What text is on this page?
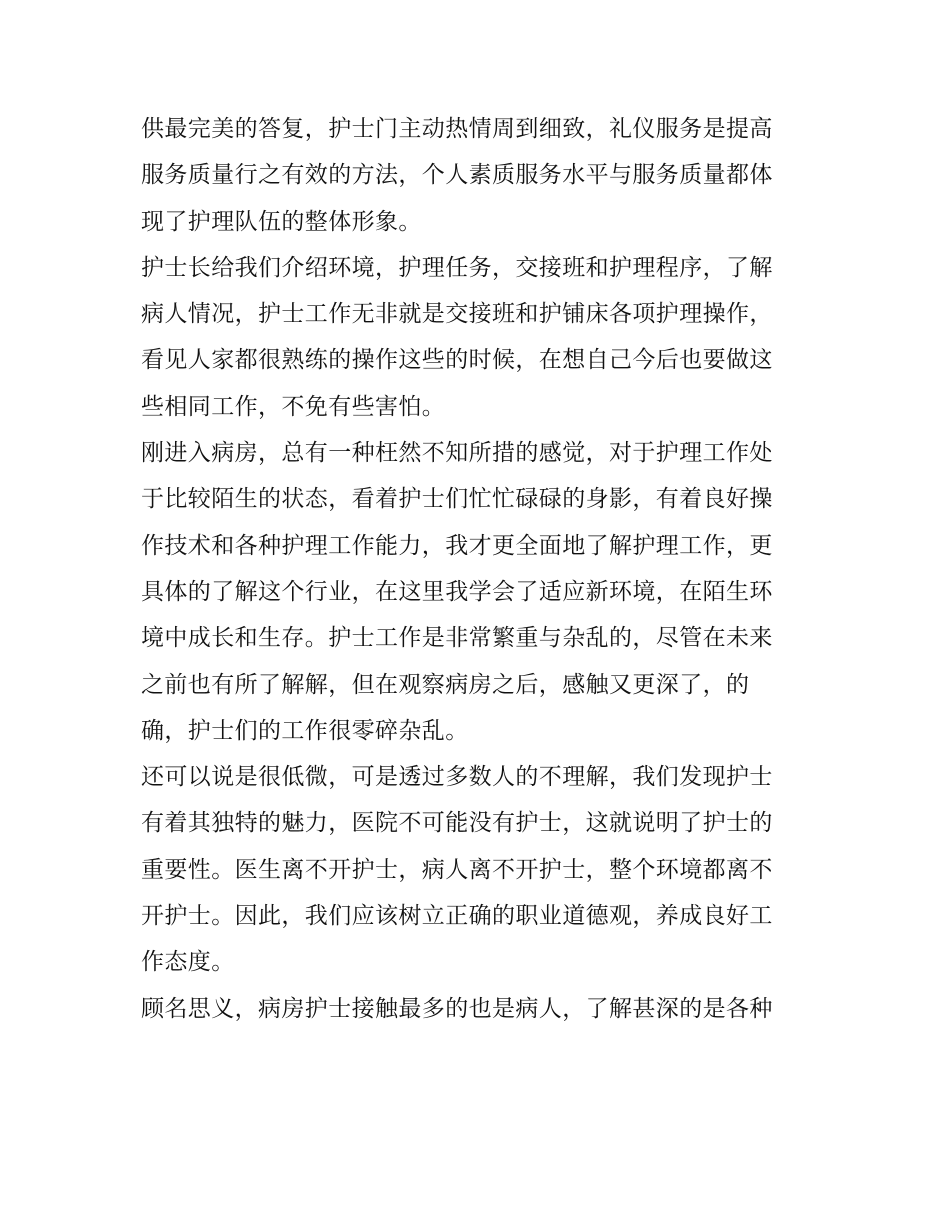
供最完美的答复，护士门主动热情周到细致，礼仪服务是提高
服务质量行之有效的方法，个人素质服务水平与服务质量都体
现了护理队伍的整体形象。
护士长给我们介绍环境，护理任务，交接班和护理程序，了解
病人情况，护士工作无非就是交接班和护铺床各项护理操作，
看见人家都很熟练的操作这些的时候，在想自己今后也要做这
些相同工作，不免有些害怕。
刚进入病房，总有一种枉然不知所措的感觉，对于护理工作处
于比较陌生的状态，看着护士们忙忙碌碌的身影，有着良好操
作技术和各种护理工作能力，我才更全面地了解护理工作，更
具体的了解这个行业，在这里我学会了适应新环境，在陌生环
境中成长和生存。护士工作是非常繁重与杂乱的，尽管在未来
之前也有所了解解，但在观察病房之后，感触又更深了，的
确，护士们的工作很零碎杂乱。
还可以说是很低微，可是透过多数人的不理解，我们发现护士
有着其独特的魅力，医院不可能没有护士，这就说明了护士的
重要性。医生离不开护士，病人离不开护士，整个环境都离不
开护士。因此，我们应该树立正确的职业道德观，养成良好工
作态度。
顾名思义，病房护士接触最多的也是病人，了解甚深的是各种
